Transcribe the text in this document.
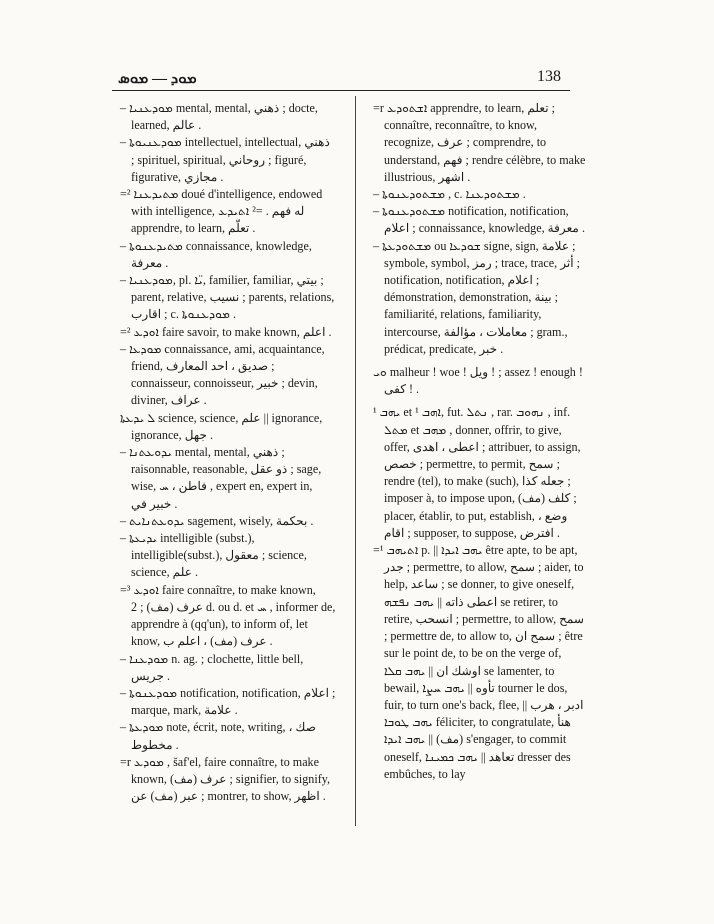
ܡܘܕ — ܡܘܣ	138

– ܡܘܕܥܢܝܐ mental, mental, ذهني ; docte, learned, عالم .

– ܡܘܕܥܢܝܘܬܐ intellectuel, intellectual, ذهني ; spirituel, spiritual, روحاني ; figuré, figurative, مجازي .

=² ܡܬܝܕܥܢܐ doué d'intelligence, endowed with intelligence, له فهم . =² ܐܬܝܕܥ apprendre, to learn, تعلّم .

– ܡܬܝܕܥܢܘܬܐ connaissance, knowledge, معرفة .

– ܡܘܕܥܢܝܐ, pl. ܝ̈ܐ, familier, familiar, بيتي ; parent, relative, نسيب ; parents, relations, اقارب ; c. ܡܘܕܥܢܘܬܐ .

=² ܐܘܕܥ faire savoir, to make known, اعلم .

– ܡܘܕܥܐ connaissance, ami, acquaintance, friend, صديق ، احد المعارف ; connaisseur, connoisseur, خبير ; devin, diviner, عراف .

ܠ ܝܕܥܬܐ science, science, علم || ignorance, ignorance, جهل .

– ܝܕܘܥܬܢܐ mental, mental, ذهني ; raisonnable, reasonable, ذو عقل ; sage, wise, فاطن ، ܚ , expert en, expert in, خبير في .

– ܝܕܘܥܬܢܐܝܬ sagement, wisely, بحكمة .

– ܝܕܝܥܬܐ intelligible (subst.), intelligible(subst.), معقول ; science, science, علم .

=³ ܐܘܕܥ faire connaître, to make known, عرف (مف) ; 2 d. ou d. et ܚ , informer de, apprendre à (qq'un), to inform of, let know, عرف (مف) ، اعلم ب .

– ܡܘܕܥܢܐ n. ag. ; clochette, little bell, جريس .

– ܡܘܕܥܢܘܬܐ notification, notification, اعلام ; marque, mark, علامة .

– ܡܘܕܥܬܐ note, écrit, note, writing, صك ، مخطوط .

=r ܡܘܕܥ , šaf'el, faire connaître, to make known, عرف (مف) ; signifier, to signify, عبر (مف) عن ; montrer, to show, اظهر .

=r ܐܫܬܘܕܥ apprendre, to learn, تعلم ; connaître, reconnaître, to know, recognize, عرف ; comprendre, to understand, فهم ; rendre célèbre, to make illustrious, اشهر .

– ܡܫܬܘܕܥܢܘܬܐ , c. ܡܫܬܘܕܥܢܐ .

– ܡܫܬܘܕܥܢܘܬܐ notification, notification, اعلام ; connaissance, knowledge, معرفة .

– ܡܫܬܘܕܥܬܐ ou ܫܘܕܥܐ signe, sign, علامة ; symbole, symbol, رمز ; trace, trace, أثر ; notification, notification, اعلام ; démonstration, demonstration, بينة ; familiarité, relations, familiarity, intercourse, معاملات ، مؤالفة ; gram., prédicat, predicate, خبر .

ܘܝ malheur ! woe ! ويل ! ; assez ! enough ! كفى ! .

ܝܗܒ ¹ et ¹ ܐܗܒ, fut. ܢܬܠ , rar. ܢܗܘܒ , inf. ܡܬܠ et ܡܗܒ , donner, offrir, to give, offer, اعطى ، اهدى ; attribuer, to assign, خصص ; permettre, to permit, سمح ; rendre (tel), to make (such), جعله كذا ; imposer à, to impose upon, كلف (مف) ; placer, établir, to put, establish, وضع ، اقام ; supposer, to suppose, افترض .

=¹ ܐܬܝܗܒ p. || ܝܗܒ ܐܝܕܐ être apte, to be apt, جدر ; permettre, to allow, سمح ; aider, to help, ساعد ; se donner, to give oneself, اعطى ذاته || ܝܗܒ ܢܦܫܗ se retirer, to retire, انسحب ; permettre, to allow, سمح ; permettre de, to allow to, سمح ان ; être sur le point de, to be on the verge of, اوشك ان || ܝܗܒ ܩܠܐ se lamenter, to bewail, تأوه || ܝܗܒ ܚܨܐ tourner le dos, fuir, to turn one's back, flee, ادبر ، هرب || ܝܗܒ ܛܘܒܐ féliciter, to congratulate, هنأ (مف) || ܝܗܒ ܐܝܕܐ s'engager, to commit oneself, تعاهد || ܝܗܒ ܟܡܝܢܐ dresser des embûches, to lay
